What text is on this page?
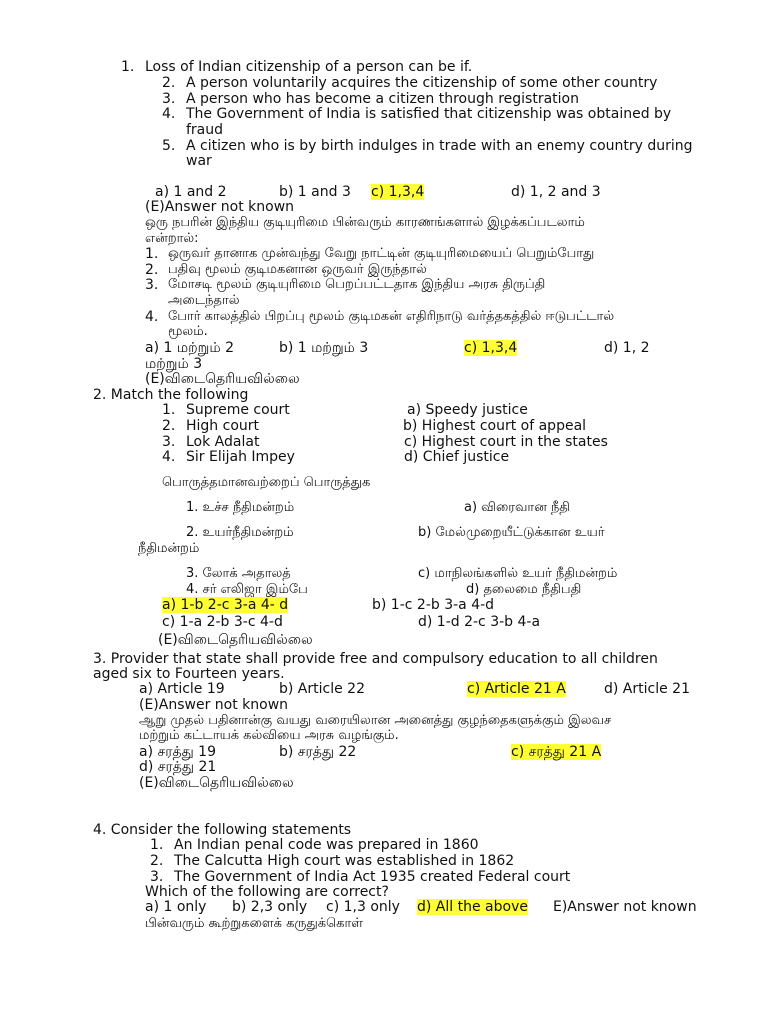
1. Loss of Indian citizenship of a person can be if.
2. A person voluntarily acquires the citizenship of some other country
3. A person who has become a citizen through registration
4. The Government of India is satisfied that citizenship was obtained by
fraud
5. A citizen who is by birth indulges in trade with an enemy country during
war
a) 1 and 2	b) 1 and 3 c) 1,3,4	d) 1, 2 and 3
(E)Answer not known
ஒரு நபரின் இந்திய குடியுரிமை பின்வரும் காரணங்களால் இழக்கப்படலாம்
என்றால்:
1. ஒருவர் தானாக முன்வந்து வேறு நாட்டின் குடியுரிமையைப் பெறும்போது
2. பதிவு மூலம் குடிமகனான ஒருவர் இருந்தால்
3. மோசடி மூலம் குடியுரிமை பெறப்பட்டதாக இந்திய அரசு திருப்தி
அடைந்தால்
4. போர் காலத்தில் பிறப்பு மூலம் குடிமகன் எதிரிநாடு வர்த்தகத்தில் ஈடுபட்டால்
மூலம்.
a) 1 மற்றும் 2	b) 1 மற்றும் 3	c) 1,3,4	d) 1, 2
மற்றும் 3
(E)விடைதெரியவில்லை
2. Match the following
1. Supreme court	a) Speedy justice
2. High court	b) Highest court of appeal
3. Lok Adalat	c) Highest court in the states
4. Sir Elijah Impey	d) Chief justice
பொருத்தமானவற்றைப் பொருத்துக
1. உச்ச நீதிமன்றம்	a) விரைவான நீதி
2. உயர்நீதிமன்றம்	b) மேல்முறையீட்டுக்கான உயர்
நீதிமன்றம்
3. லோக் அதாலத்	c) மாநிலங்களில் உயர் நீதிமன்றம்
4. சர் எலிஜா இம்பே	d) தலைமை நீதிபதி
a) 1-b 2-c 3-a 4- d	b) 1-c 2-b 3-a 4-d
c) 1-a 2-b 3-c 4-d	d) 1-d 2-c 3-b 4-a
(E)விடைதெரியவில்லை
3. Provider that state shall provide free and compulsory education to all children
aged six to Fourteen years.
a) Article 19	b) Article 22	c) Article 21 A	d) Article 21
(E)Answer not known
ஆறு முதல் பதினான்கு வயது வரையிலான அனைத்து குழந்தைகளுக்கும் இலவச
மற்றும் கட்டாயக் கல்வியை அரசு வழங்கும்.
a) சரத்து 19	b) சரத்து 22	c) சரத்து 21 A
d) சரத்து 21
(E)விடைதெரியவில்லை
4. Consider the following statements
1. An Indian penal code was prepared in 1860
2. The Calcutta High court was established in 1862
3. The Government of India Act 1935 created Federal court
Which of the following are correct?
a) 1 only b) 2,3 only c) 1,3 only d) All the above E)Answer not known
பின்வரும் கூற்றுகளைக் கருதுக்கொள்
